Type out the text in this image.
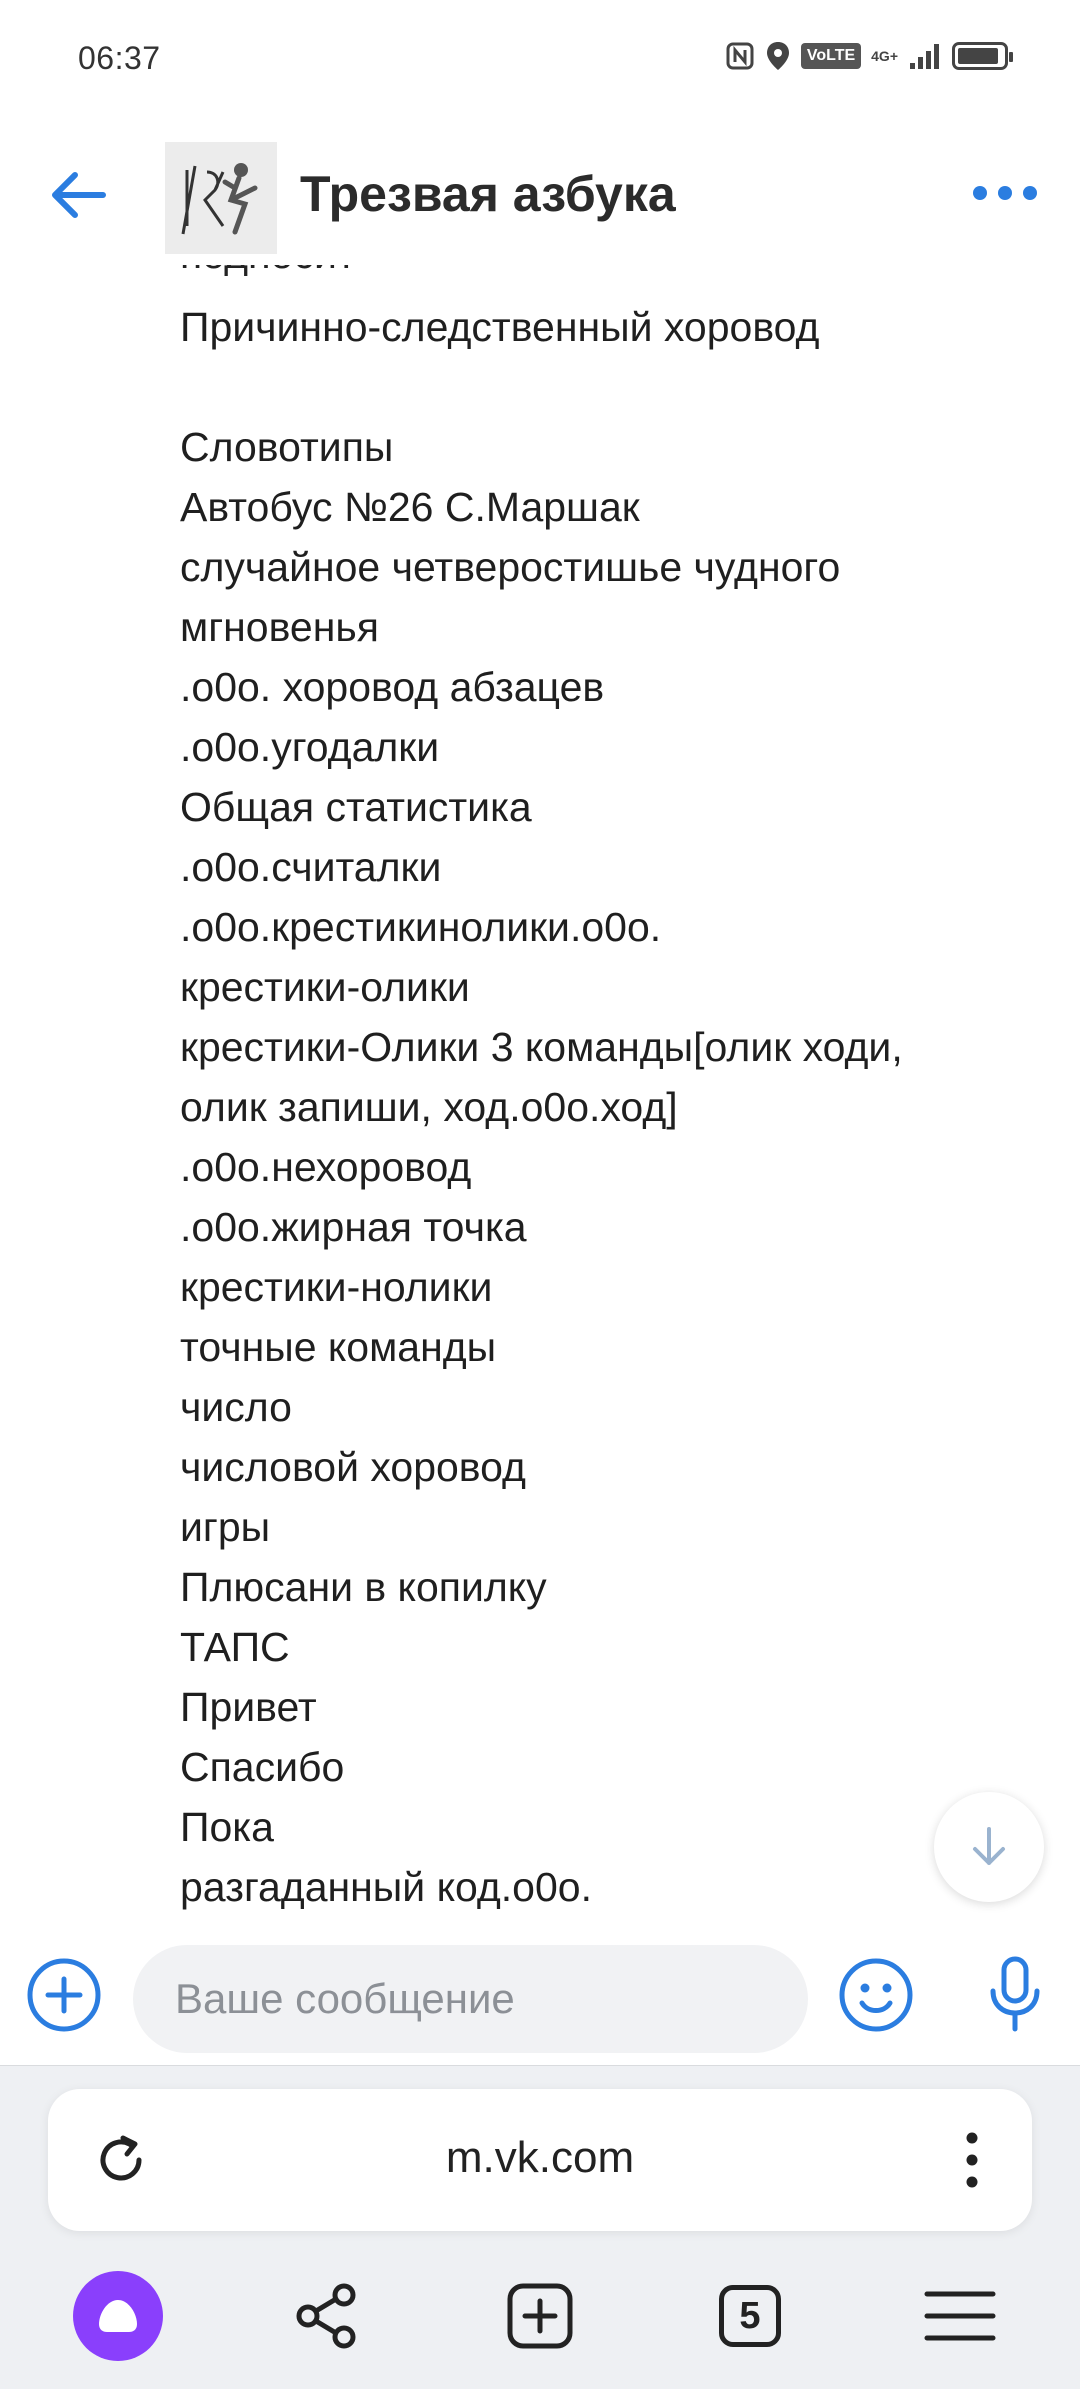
06:37	VoLTE	4G+
Трезвая азбука
Причинно-следственный хоровод
Словотипы
Автобус №26 С.Маршак
случайное четверостишье чудного
мгновенья
.o0o. хоровод абзацев
.o0o.угодалки
Общая статистика
.o0o.считалки
.o0o.крестикинолики.o0o.
крестики-олики
крестики-Олики 3 команды[олик ходи,
олик запиши, ход.o0o.ход]
.o0o.нехоровод
.o0o.жирная точка
крестики-нолики
точные команды
число
числовой хоровод
игры
Плюсани в копилку
ТАПС
Привет
Спасибо
Пока
разгаданный код.o0o.
Ваше сообщение
m.vk.com
5
